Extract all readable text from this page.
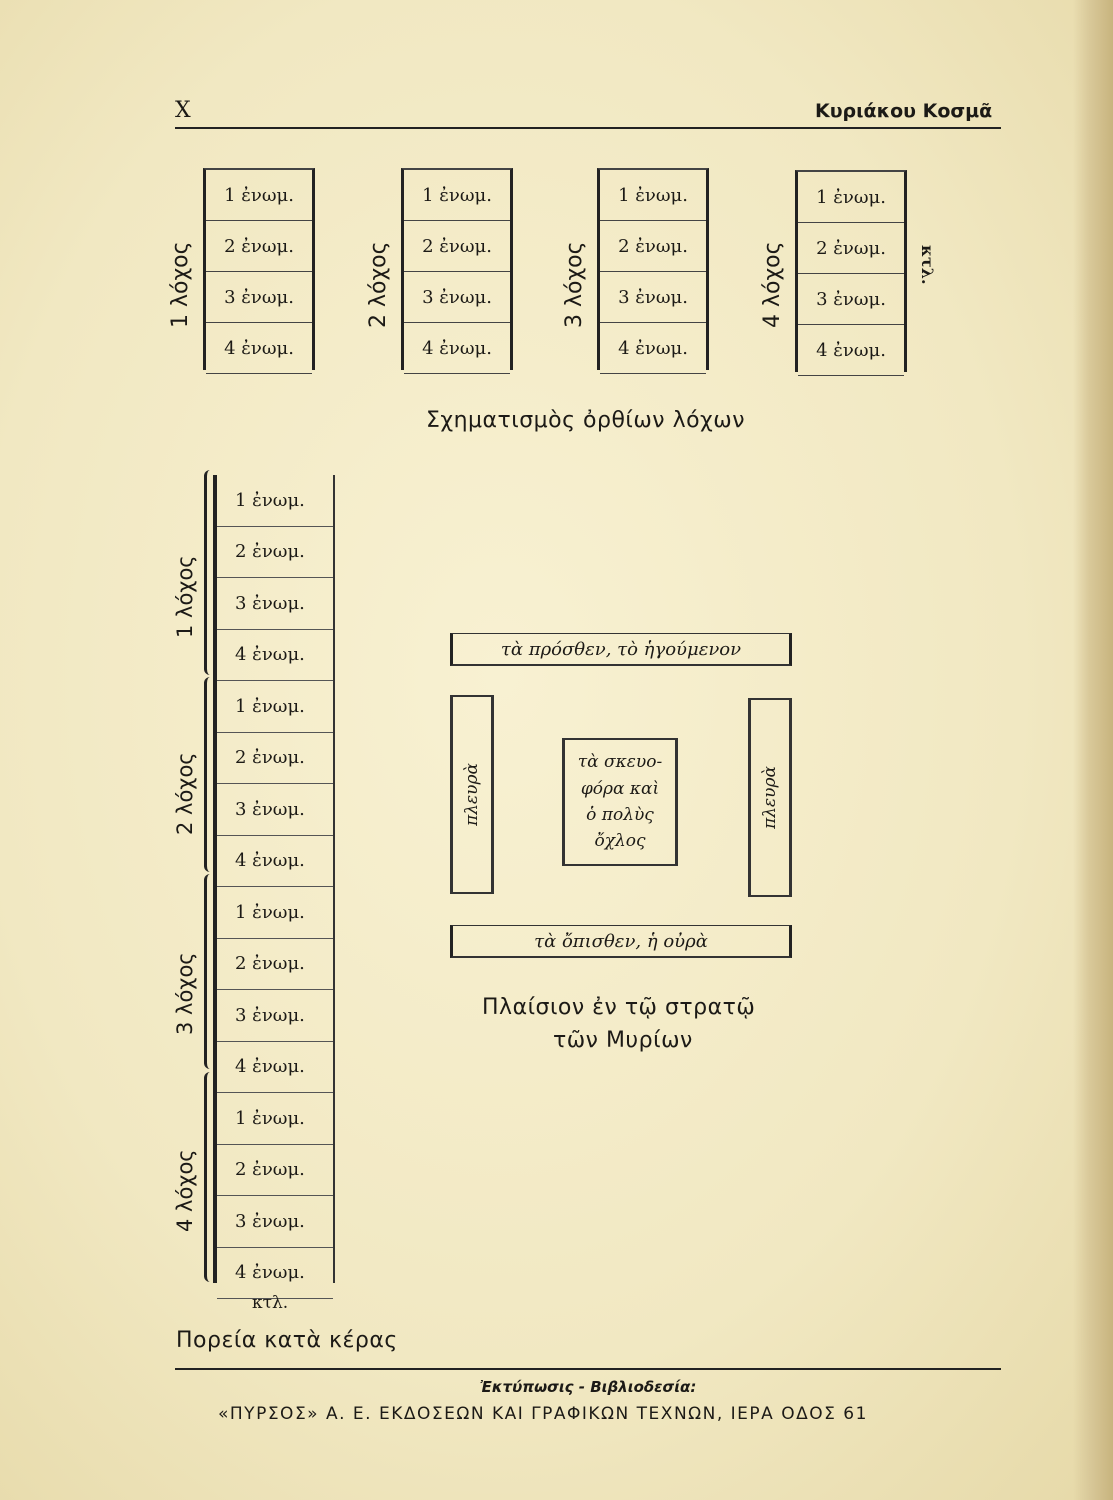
X	Κυριάκου Κοσμᾶ
1 λόχος
1 ἐνωμ.
2 ἐνωμ.
3 ἐνωμ.
4 ἐνωμ.
2 λόχος
1 ἐνωμ.
2 ἐνωμ.
3 ἐνωμ.
4 ἐνωμ.
3 λόχος
1 ἐνωμ.
2 ἐνωμ.
3 ἐνωμ.
4 ἐνωμ.
4 λόχος
1 ἐνωμ.
2 ἐνωμ.
3 ἐνωμ.
4 ἐνωμ.
κτλ.
Σχηματισμὸς ὀρθίων λόχων
1 λόχος
2 λόχος
3 λόχος
4 λόχος
1 ἐνωμ.
2 ἐνωμ.
3 ἐνωμ.
4 ἐνωμ.
1 ἐνωμ.
2 ἐνωμ.
3 ἐνωμ.
4 ἐνωμ.
1 ἐνωμ.
2 ἐνωμ.
3 ἐνωμ.
4 ἐνωμ.
1 ἐνωμ.
2 ἐνωμ.
3 ἐνωμ.
4 ἐνωμ.
κτλ.
Πορεία κατὰ κέρας
τὰ πρόσθεν, τὸ ἡγούμενον
πλευρὰ
τὰ σκευο-
φόρα καὶ
ὁ πολὺς
ὄχλος
πλευρὰ
τὰ ὄπισθεν, ἡ οὐρὰ
Πλαίσιον ἐν τῷ στρατῷ
τῶν Μυρίων
Ἐκτύπωσις - Βιβλιοδεσία:
«ΠΥΡΣΟΣ» Α. Ε. ΕΚΔΟΣΕΩΝ ΚΑΙ ΓΡΑΦΙΚΩΝ ΤΕΧΝΩΝ, ΙΕΡΑ ΟΔΟΣ 61
